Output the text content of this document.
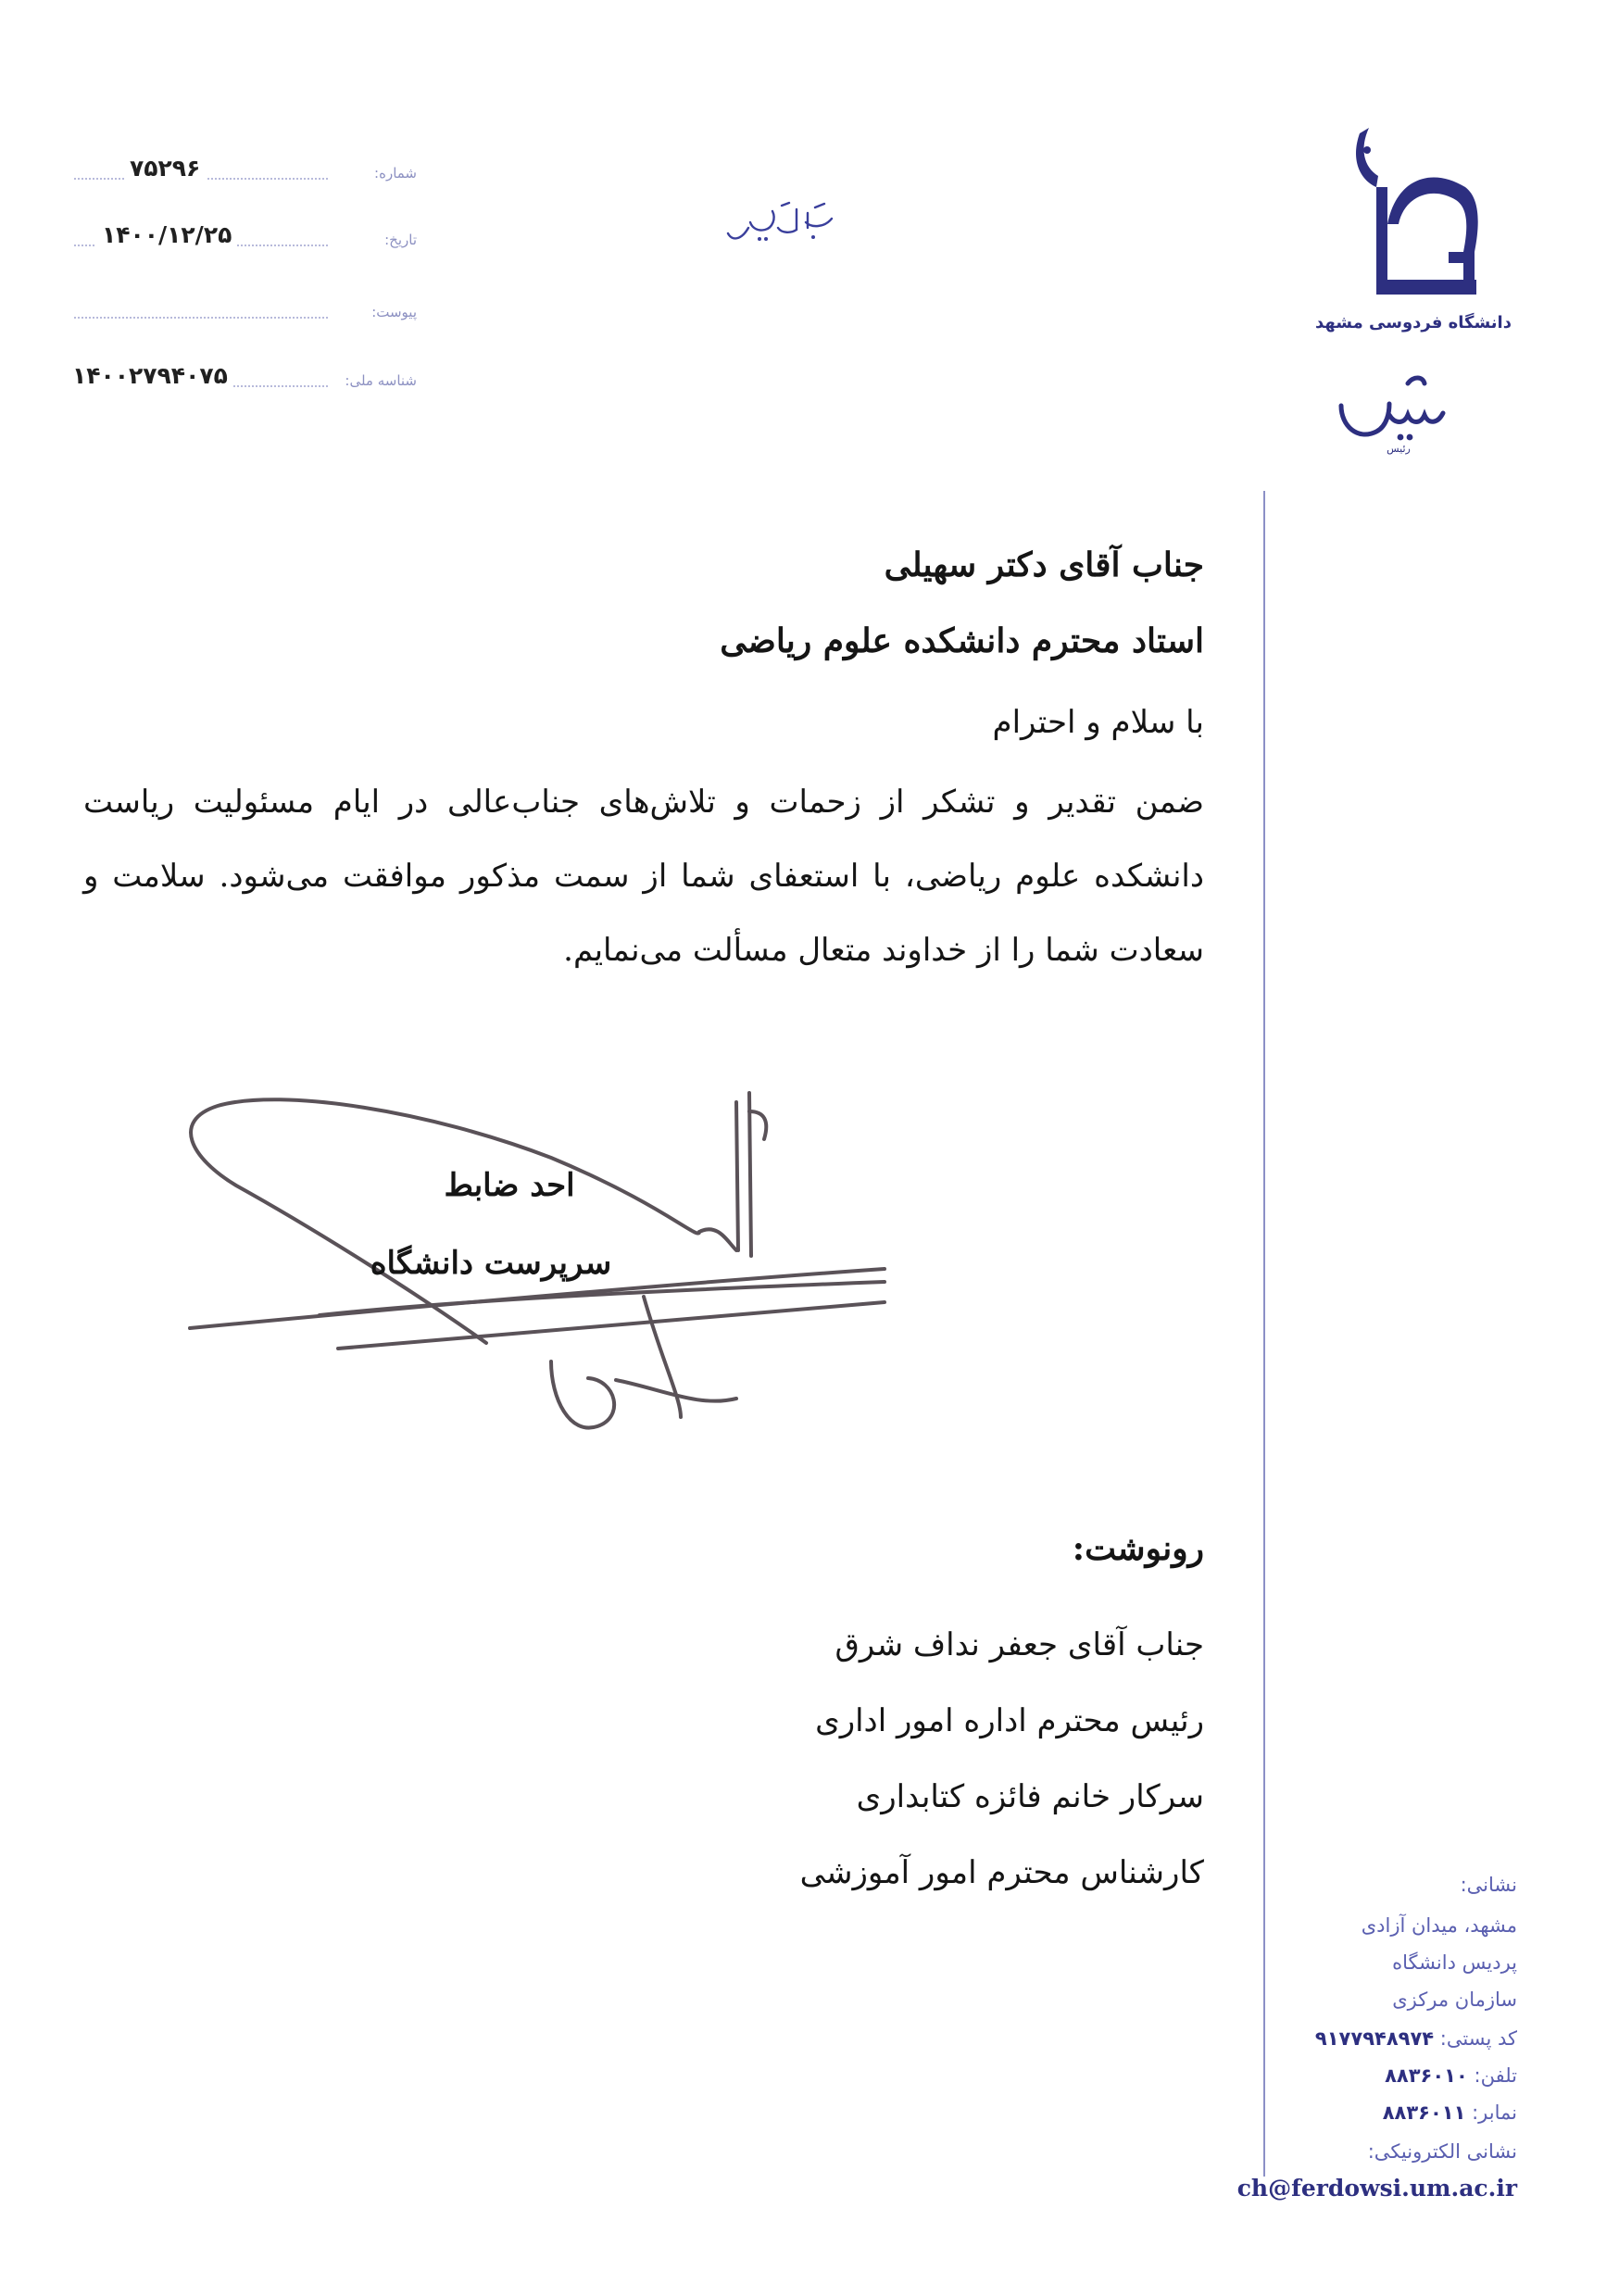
شماره:
۷۵۲۹۶
تاریخ:
۱۴۰۰/۱۲/۲۵
پیوست:
شناسه ملی:
۱۴۰۰۲۷۹۴۰۷۵
دانشگاه فردوسی مشهد
رئیس
جناب آقای دکتر سهیلی
استاد محترم دانشکده علوم ریاضی
با سلام و احترام
ضمن تقدیر و تشکر از زحمات و تلاش‌های جناب‌عالی در ایام مسئولیت ریاست دانشکده علوم ریاضی، با استعفای شما از سمت مذکور موافقت می‌شود. سلامت و سعادت شما را از خداوند متعال مسألت می‌نمایم.
احد ضابط
سرپرست دانشگاه
رونوشت:
جناب آقای جعفر نداف شرق
رئیس محترم اداره امور اداری
سرکار خانم فائزه کتابداری
کارشناس محترم امور آموزشی	نشانی:
مشهد، میدان آزادی
پردیس دانشگاه
سازمان مرکزی
کد پستی: ۹۱۷۷۹۴۸۹۷۴
تلفن: ۸۸۳۶۰۱۰
نمابر: ۸۸۳۶۰۱۱
نشانی الکترونیکی:
ch@ferdowsi.um.ac.ir
